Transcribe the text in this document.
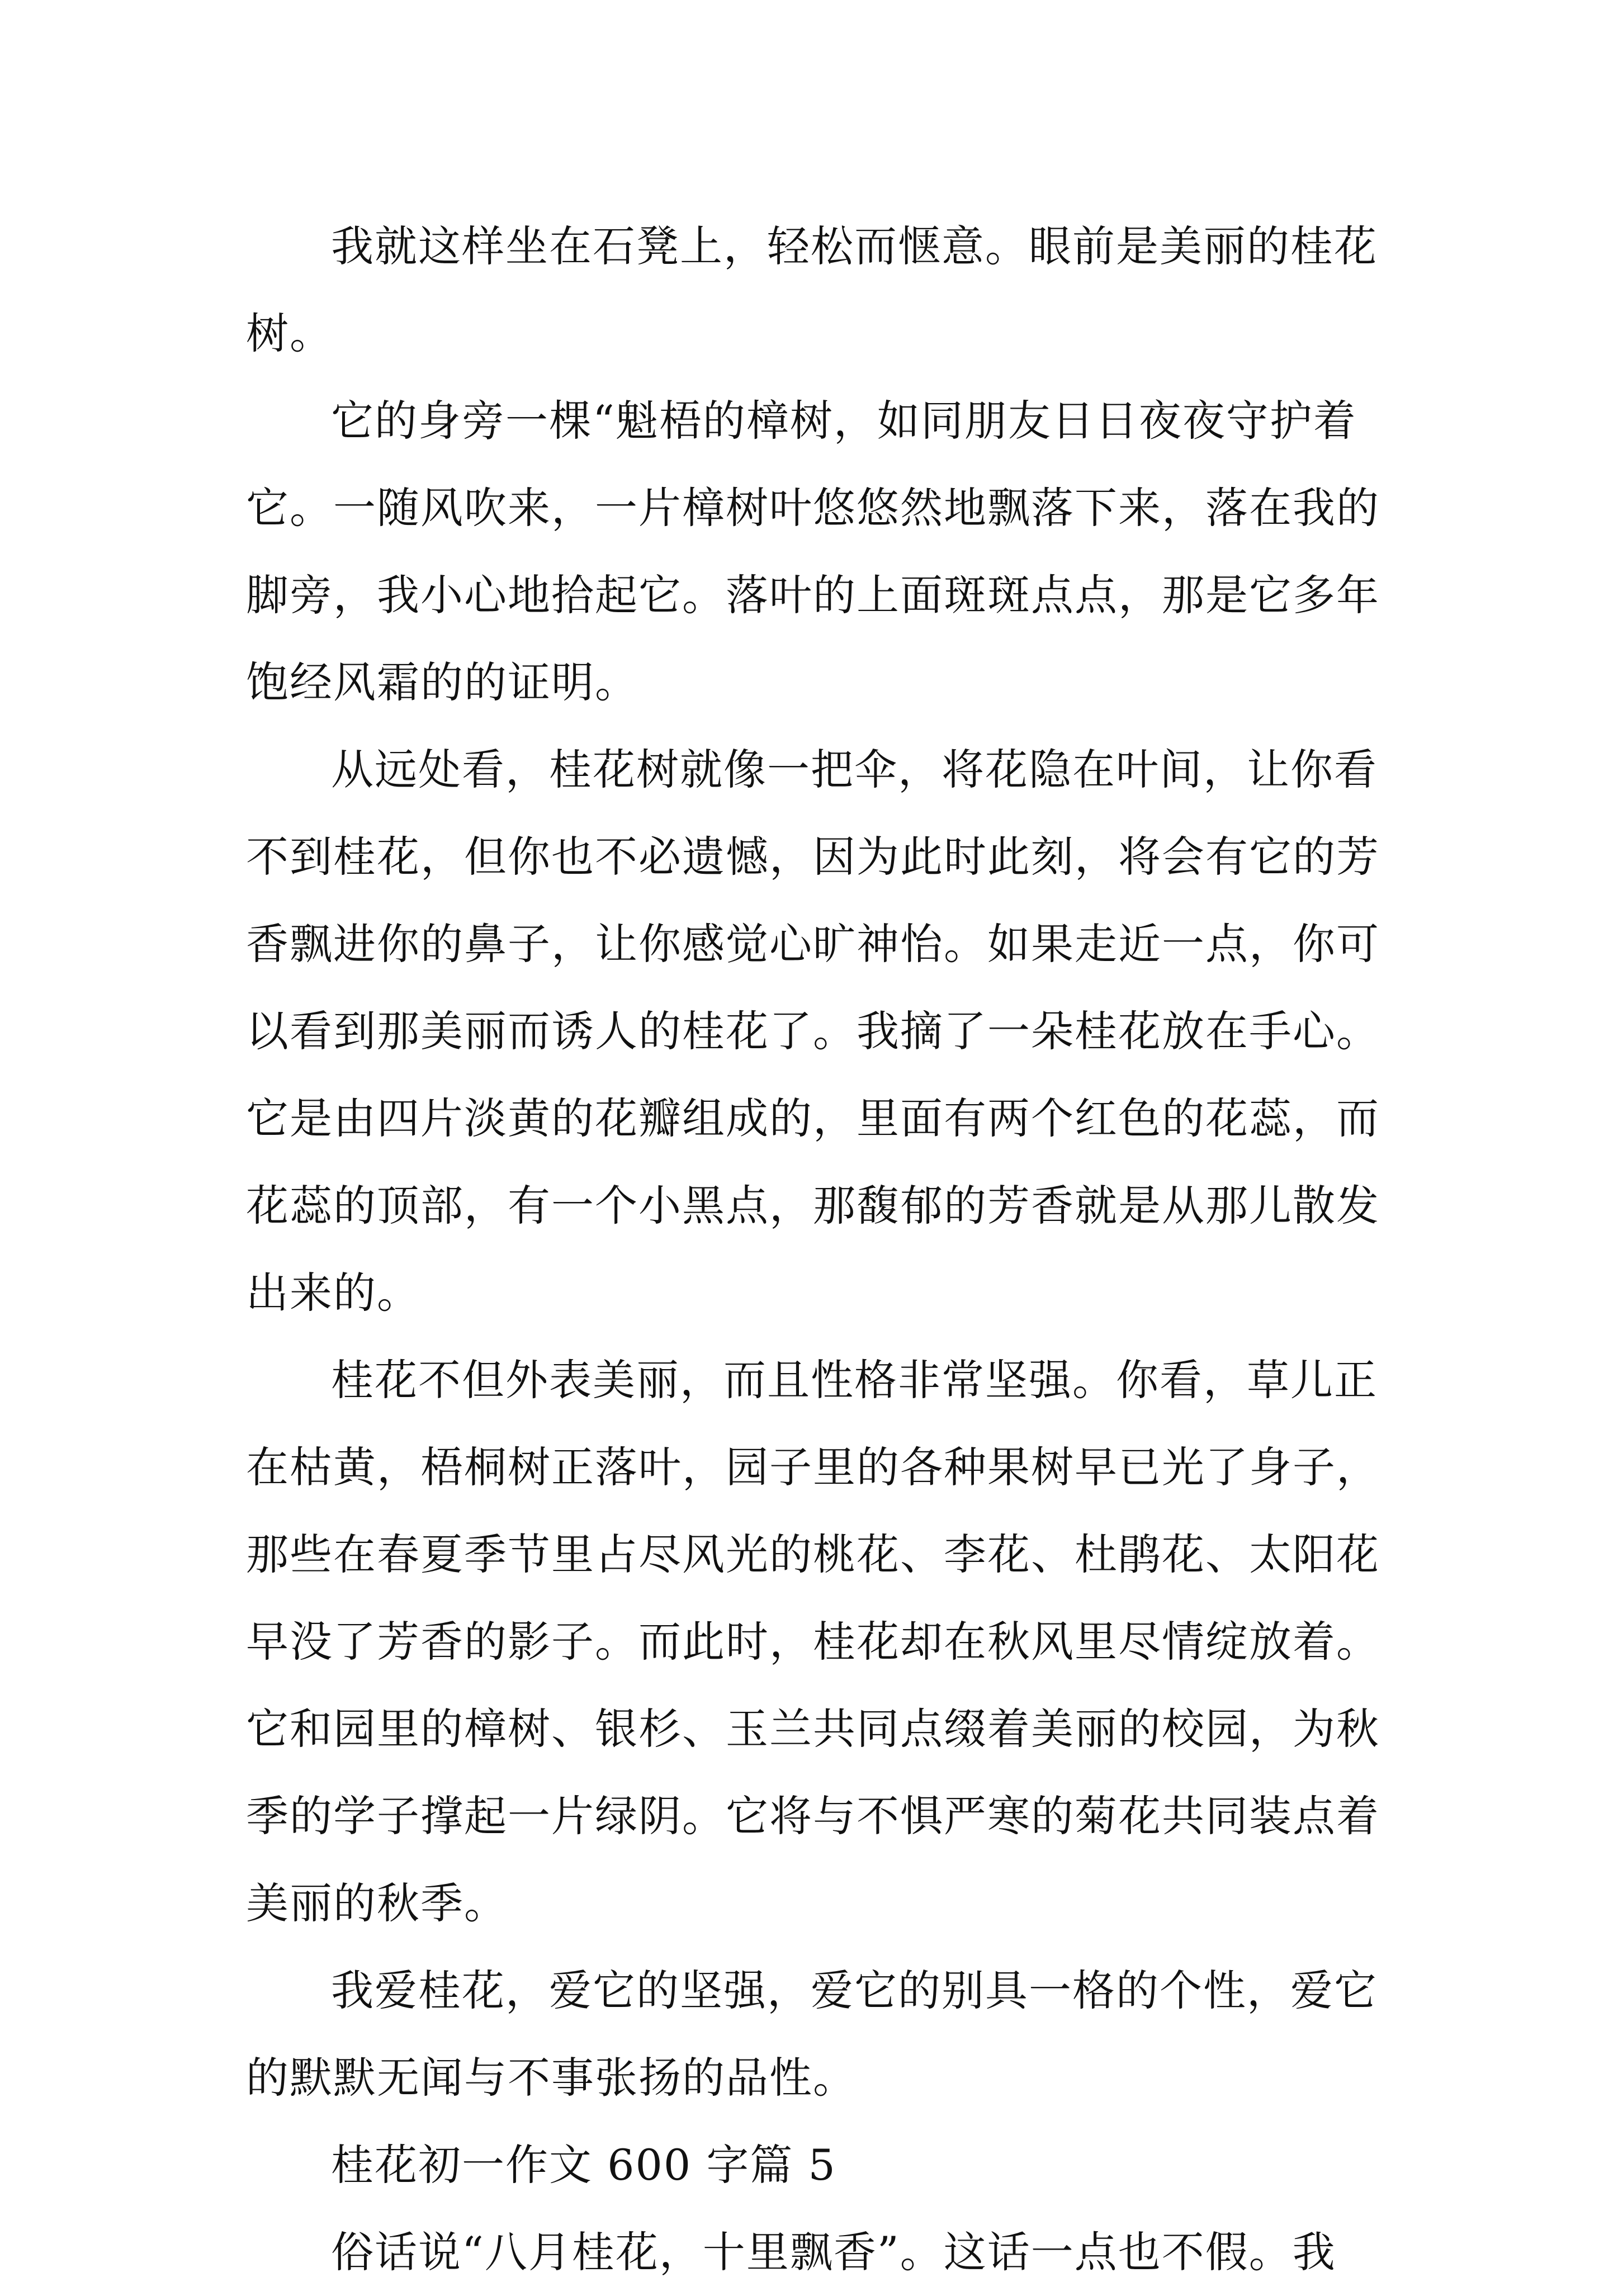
我就这样坐在石凳上，轻松而惬意。眼前是美丽的桂花
树。
它的身旁一棵“魁梧的樟树，如同朋友日日夜夜守护着
它。一随风吹来，一片樟树叶悠悠然地飘落下来，落在我的
脚旁，我小心地拾起它。落叶的上面斑斑点点，那是它多年
饱经风霜的的证明。
从远处看，桂花树就像一把伞，将花隐在叶间，让你看
不到桂花，但你也不必遗憾，因为此时此刻，将会有它的芳
香飘进你的鼻子，让你感觉心旷神怡。如果走近一点，你可
以看到那美丽而诱人的桂花了。我摘了一朵桂花放在手心。
它是由四片淡黄的花瓣组成的，里面有两个红色的花蕊，而
花蕊的顶部，有一个小黑点，那馥郁的芳香就是从那儿散发
出来的。
桂花不但外表美丽，而且性格非常坚强。你看，草儿正
在枯黄，梧桐树正落叶，园子里的各种果树早已光了身子，
那些在春夏季节里占尽风光的桃花、李花、杜鹃花、太阳花
早没了芳香的影子。而此时，桂花却在秋风里尽情绽放着。
它和园里的樟树、银杉、玉兰共同点缀着美丽的校园，为秋
季的学子撑起一片绿阴。它将与不惧严寒的菊花共同装点着
美丽的秋季。
我爱桂花，爱它的坚强，爱它的别具一格的个性，爱它
的默默无闻与不事张扬的品性。
桂花初一作文 600 字篇 5
俗话说“八月桂花，十里飘香”。这话一点也不假。我
